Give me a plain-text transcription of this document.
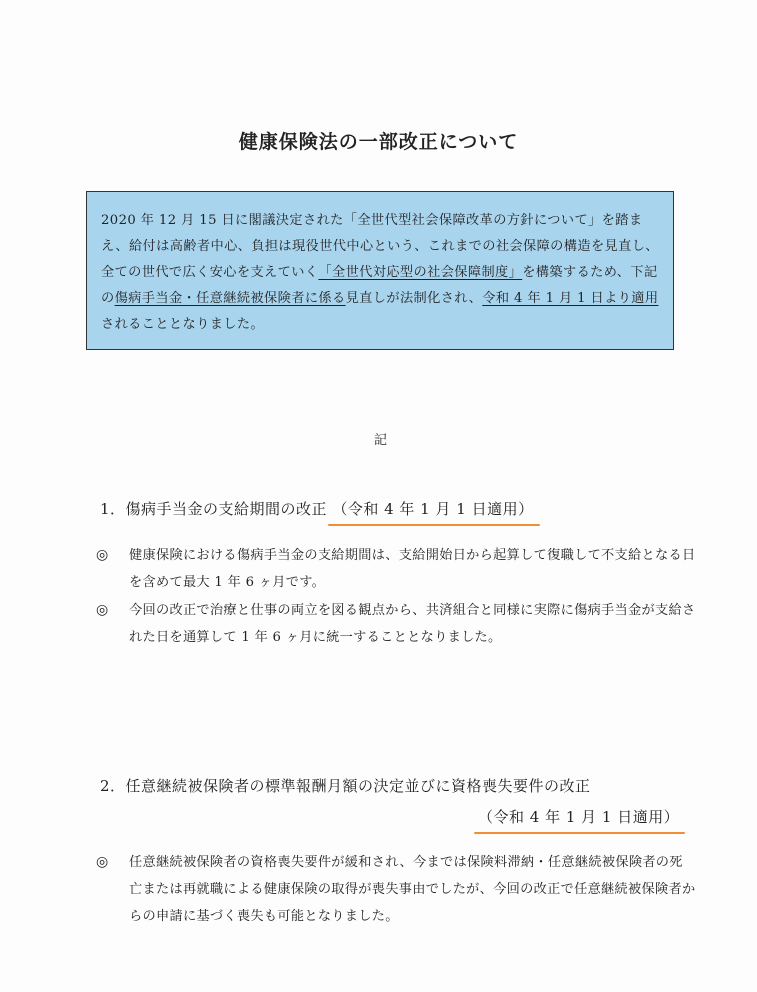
健康保険法の一部改正について

2020 年 12 月 15 日に閣議決定された「全世代型社会保障改革の方針について」を踏まえ、給付は高齢者中心、負担は現役世代中心という、これまでの社会保障の構造を見直し、全ての世代で広く安心を支えていく「全世代対応型の社会保障制度」を構築するため、下記の傷病手当金・任意継続被保険者に係る見直しが法制化され、令和 4 年 1 月 1 日より適用されることとなりました。

記
1．傷病手当金の支給期間の改正 （令和 4 年 1 月 1 日適用）
◎	健康保険における傷病手当金の支給期間は、支給開始日から起算して復職して不支給となる日を含めて最大 1 年 6 ヶ月です。
◎	今回の改正で治療と仕事の両立を図る観点から、共済組合と同様に実際に傷病手当金が支給された日を通算して 1 年 6 ヶ月に統一することとなりました。
2．任意継続被保険者の標準報酬月額の決定並びに資格喪失要件の改正
（令和 4 年 1 月 1 日適用）
◎	任意継続被保険者の資格喪失要件が緩和され、今までは保険料滞納・任意継続被保険者の死亡または再就職による健康保険の取得が喪失事由でしたが、今回の改正で任意継続被保険者からの申請に基づく喪失も可能となりました。
